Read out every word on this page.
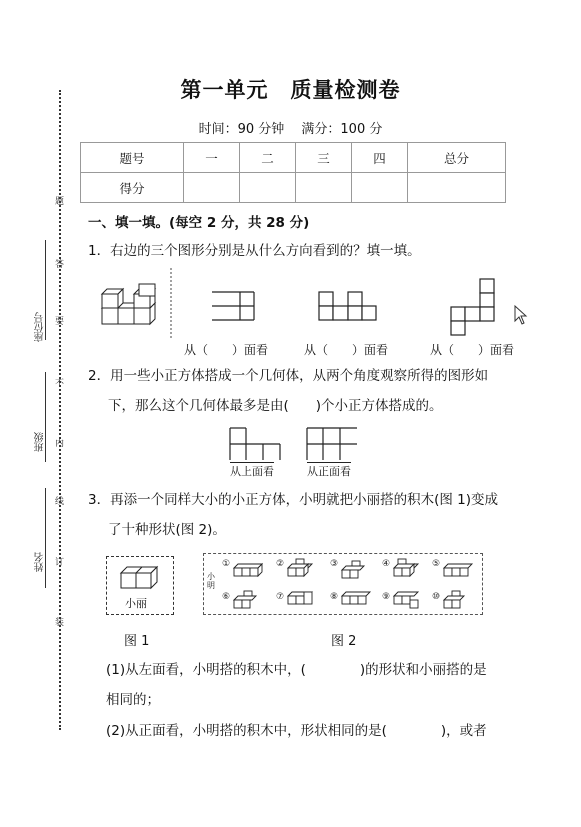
题
答
要
不
内
线
订
装
座位号
班级
姓名
第一单元　质量检测卷
时间：90 分钟　 满分：100 分
题号	一	二	三	四	总分
得分					
一、填一填。(每空 2 分，共 28 分)
1．右边的三个图形分别是从什么方向看到的？填一填。
从（　　）面看	从（　　）面看	从（　　）面看
2．用一些小正方体搭成一个几何体，从两个角度观察所得的图形如
下，那么这个几何体最多是由(　　)个小正方体搭成的。
从上面看	从正面看
3．再添一个同样大小的小正方体，小明就把小丽搭的积木(图 1)变成
了十种形状(图 2)。
小丽
小明
①	②	③	④	⑤
⑥	⑦	⑧	⑨	⑩
图 1	图 2
(1)从左面看，小明搭的积木中，(　　　　)的形状和小丽搭的是
相同的；
(2)从正面看，小明搭的积木中，形状相同的是(　　　　)，或者
